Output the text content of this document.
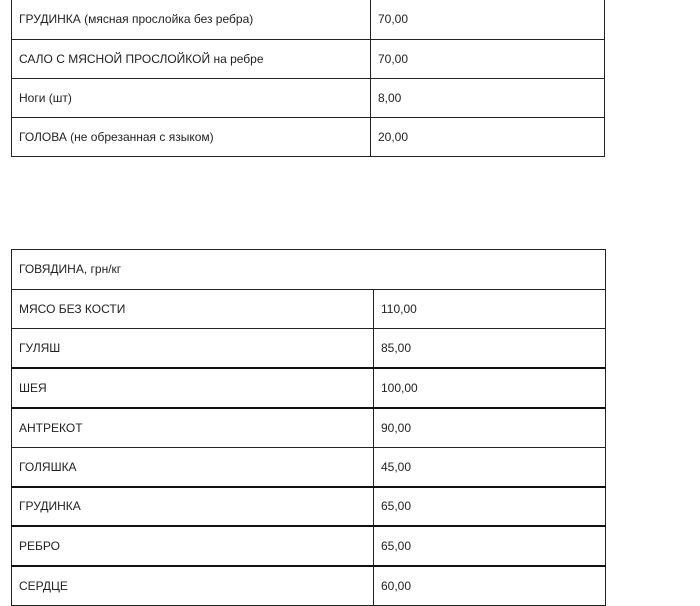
ГРУДИНКА (мясная прослойка без ребра)	70,00
САЛО С МЯСНОЙ ПРОСЛОЙКОЙ на ребре	70,00
Ноги (шт)	8,00
ГОЛОВА (не обрезанная с языком)	20,00
ГОВЯДИНА, грн/кг	
МЯСО БЕЗ КОСТИ	110,00
ГУЛЯШ	85,00
ШЕЯ	100,00
АНТРЕКОТ	90,00
ГОЛЯШКА	45,00
ГРУДИНКА	65,00
РЕБРО	65,00
СЕРДЦЕ	60,00
